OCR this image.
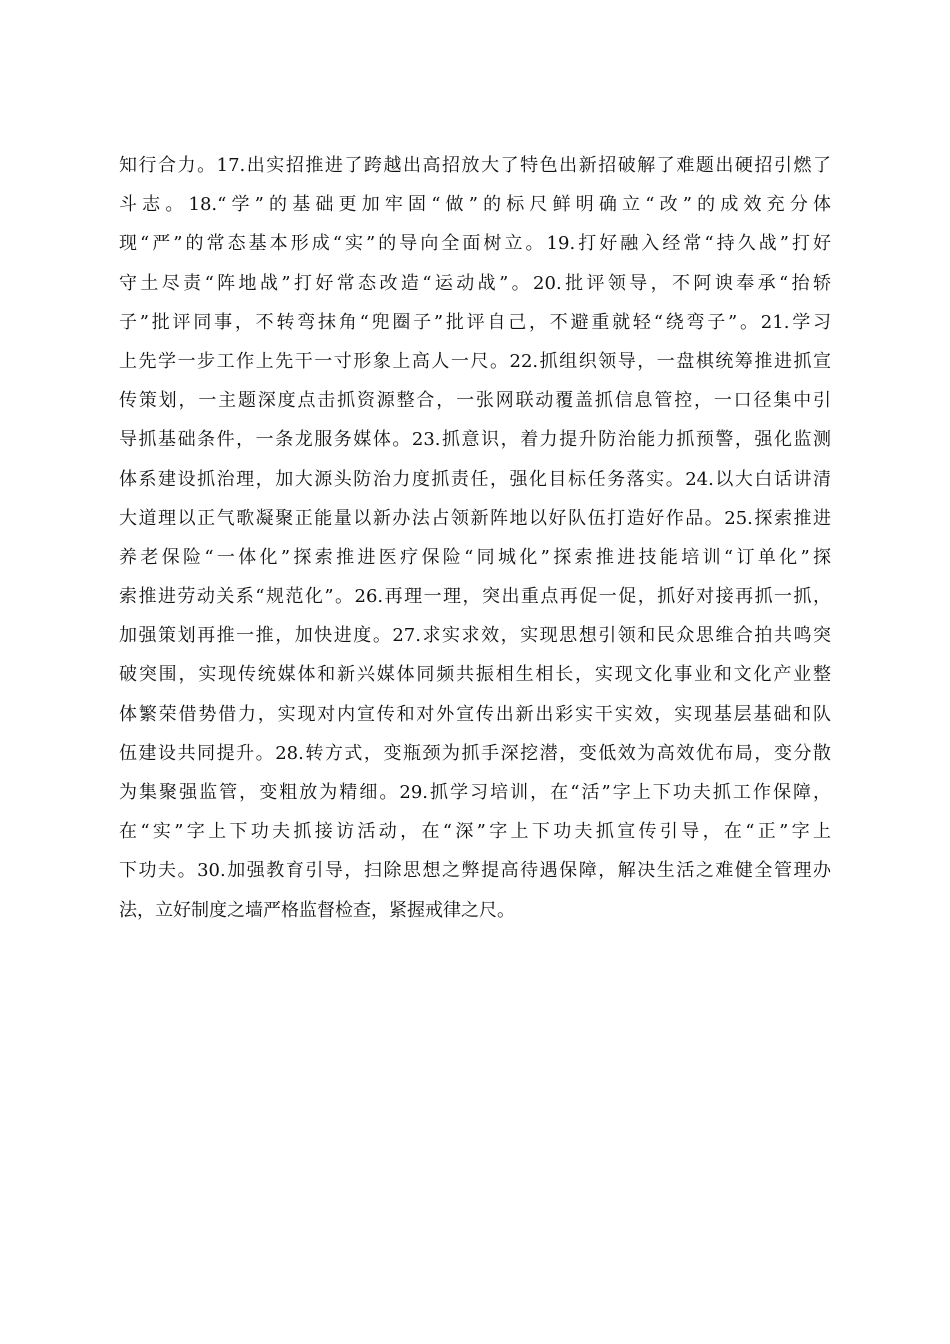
知行合力。17.出实招推进了跨越出高招放大了特色出新招破解了难题出硬招引燃了
斗志。18.“学”的基础更加牢固“做”的标尺鲜明确立“改”的成效充分体
现“严”的常态基本形成“实”的导向全面树立。19.打好融入经常“持久战”打好
守土尽责“阵地战”打好常态改造“运动战”。20.批评领导，不阿谀奉承“抬轿
子”批评同事，不转弯抹角“兜圈子”批评自己，不避重就轻“绕弯子”。21.学习
上先学一步工作上先干一寸形象上高人一尺。22.抓组织领导，一盘棋统筹推进抓宣
传策划，一主题深度点击抓资源整合，一张网联动覆盖抓信息管控，一口径集中引
导抓基础条件，一条龙服务媒体。23.抓意识，着力提升防治能力抓预警，强化监测
体系建设抓治理，加大源头防治力度抓责任，强化目标任务落实。24.以大白话讲清
大道理以正气歌凝聚正能量以新办法占领新阵地以好队伍打造好作品。25.探索推进
养老保险“一体化”探索推进医疗保险“同城化”探索推进技能培训“订单化”探
索推进劳动关系“规范化”。26.再理一理，突出重点再促一促，抓好对接再抓一抓，
加强策划再推一推，加快进度。27.求实求效，实现思想引领和民众思维合拍共鸣突
破突围，实现传统媒体和新兴媒体同频共振相生相长，实现文化事业和文化产业整
体繁荣借势借力，实现对内宣传和对外宣传出新出彩实干实效，实现基层基础和队
伍建设共同提升。28.转方式，变瓶颈为抓手深挖潜，变低效为高效优布局，变分散
为集聚强监管，变粗放为精细。29.抓学习培训，在“活”字上下功夫抓工作保障，
在“实”字上下功夫抓接访活动，在“深”字上下功夫抓宣传引导，在“正”字上
下功夫。30.加强教育引导，扫除思想之弊提高待遇保障，解决生活之难健全管理办
法，立好制度之墙严格监督检查，紧握戒律之尺。
